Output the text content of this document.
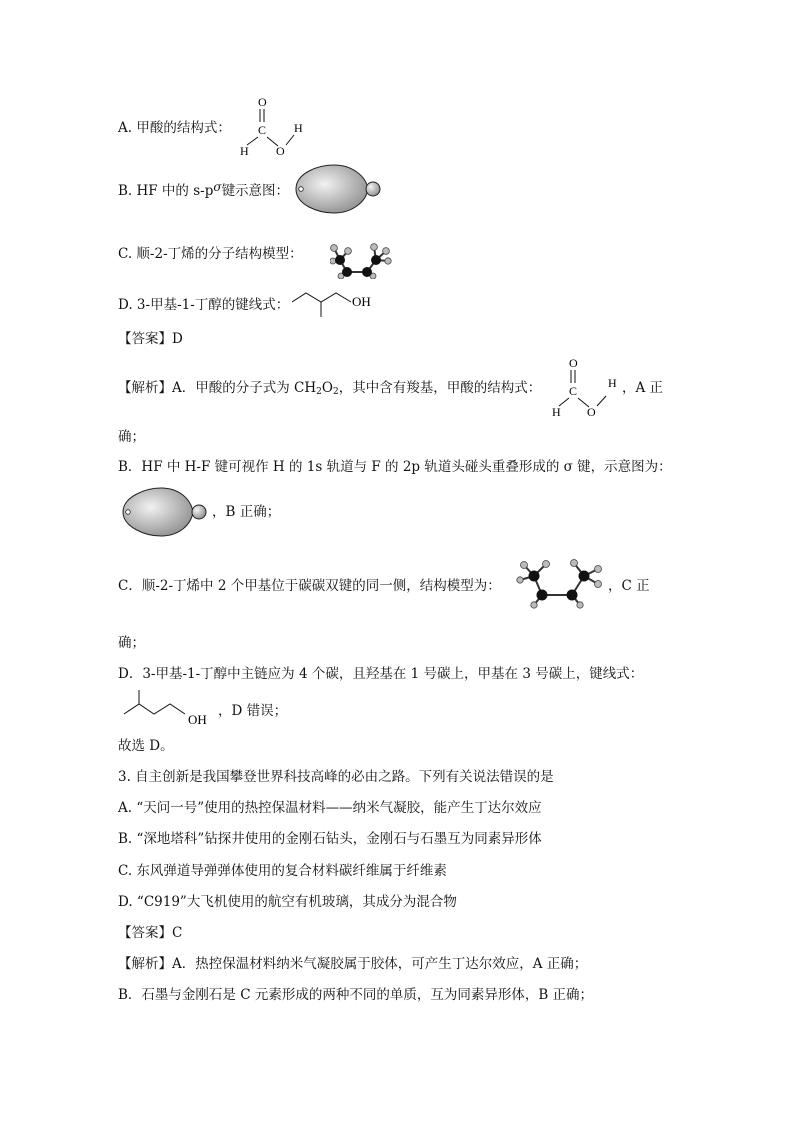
A. 甲酸的结构式：
O
C
H O
H
B. HF 中的 s-pσ键示意图：
C. 顺-2-丁烯的分子结构模型：
D. 3-甲基-1-丁醇的键线式：	OH
【答案】D
【解析】A．甲酸的分子式为 $CH_2O_2$，其中含有羧基，甲酸的结构式：
O
C
H O
H ，A 正
确；
B．HF 中 H-F 键可视作 H 的 1s 轨道与 F 的 2p 轨道头碰头重叠形成的 σ 键，示意图为：
，B 正确；
C．顺-2-丁烯中 2 个甲基位于碳碳双键的同一侧，结构模型为：	，C 正
确；
D．3-甲基-1-丁醇中主链应为 4 个碳，且羟基在 1 号碳上，甲基在 3 号碳上，键线式：
OH
，D 错误；
故选 D。
3. 自主创新是我国攀登世界科技高峰的必由之路。下列有关说法错误的是
A. “天问一号”使用的热控保温材料——纳米气凝胶，能产生丁达尔效应
B. “深地塔科”钻探井使用的金刚石钻头，金刚石与石墨互为同素异形体
C. 东风弹道导弹弹体使用的复合材料碳纤维属于纤维素
D. “C919”大飞机使用的航空有机玻璃，其成分为混合物
【答案】C
【解析】A．热控保温材料纳米气凝胶属于胶体，可产生丁达尔效应，A 正确；
B．石墨与金刚石是 C 元素形成的两种不同的单质，互为同素异形体，B 正确；
